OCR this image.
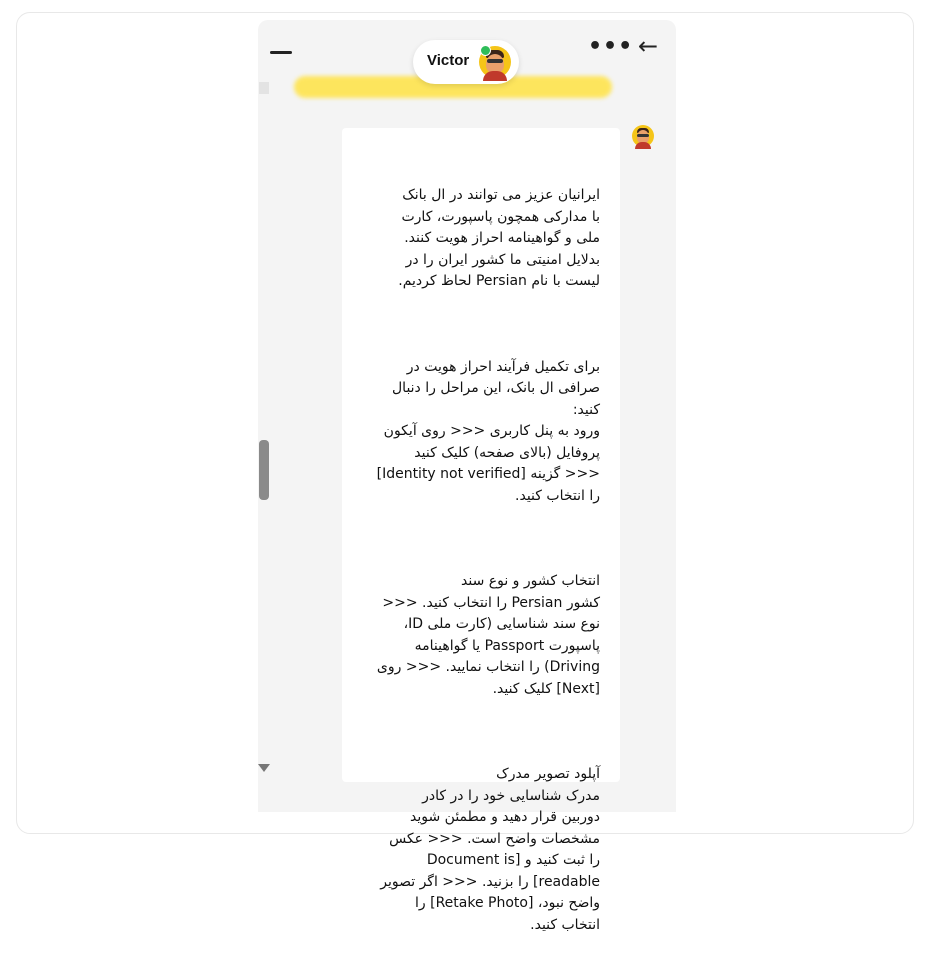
Victor
••• ←

ایرانیان عزیز می توانند در ال بانک
با مدارکی همچون پاسپورت، کارت
ملی و گواهینامه احراز هویت کنند.
بدلایل امنیتی ما کشور ایران را در
لیست با نام Persian لحاظ کردیم.

برای تکمیل فرآیند احراز هویت در
صرافی ال بانک، این مراحل را دنبال
کنید:
ورود به پنل کاربری <<< روی آیکون
پروفایل (بالای صفحه) کلیک کنید
<<< گزینه [Identity not verified]
را انتخاب کنید.

انتخاب کشور و نوع سند
کشور Persian را انتخاب کنید. <<<
نوع سند شناسایی (کارت ملی ID،
پاسپورت Passport یا گواهینامه
Driving) را انتخاب نمایید. <<< روی
[Next] کلیک کنید.

آپلود تصویر مدرک
مدرک شناسایی خود را در کادر
دوربین قرار دهید و مطمئن شوید
مشخصات واضح است. <<< عکس
را ثبت کنید و [Document is
readable] را بزنید. <<< اگر تصویر
واضح نبود، [Retake Photo] را
انتخاب کنید.
